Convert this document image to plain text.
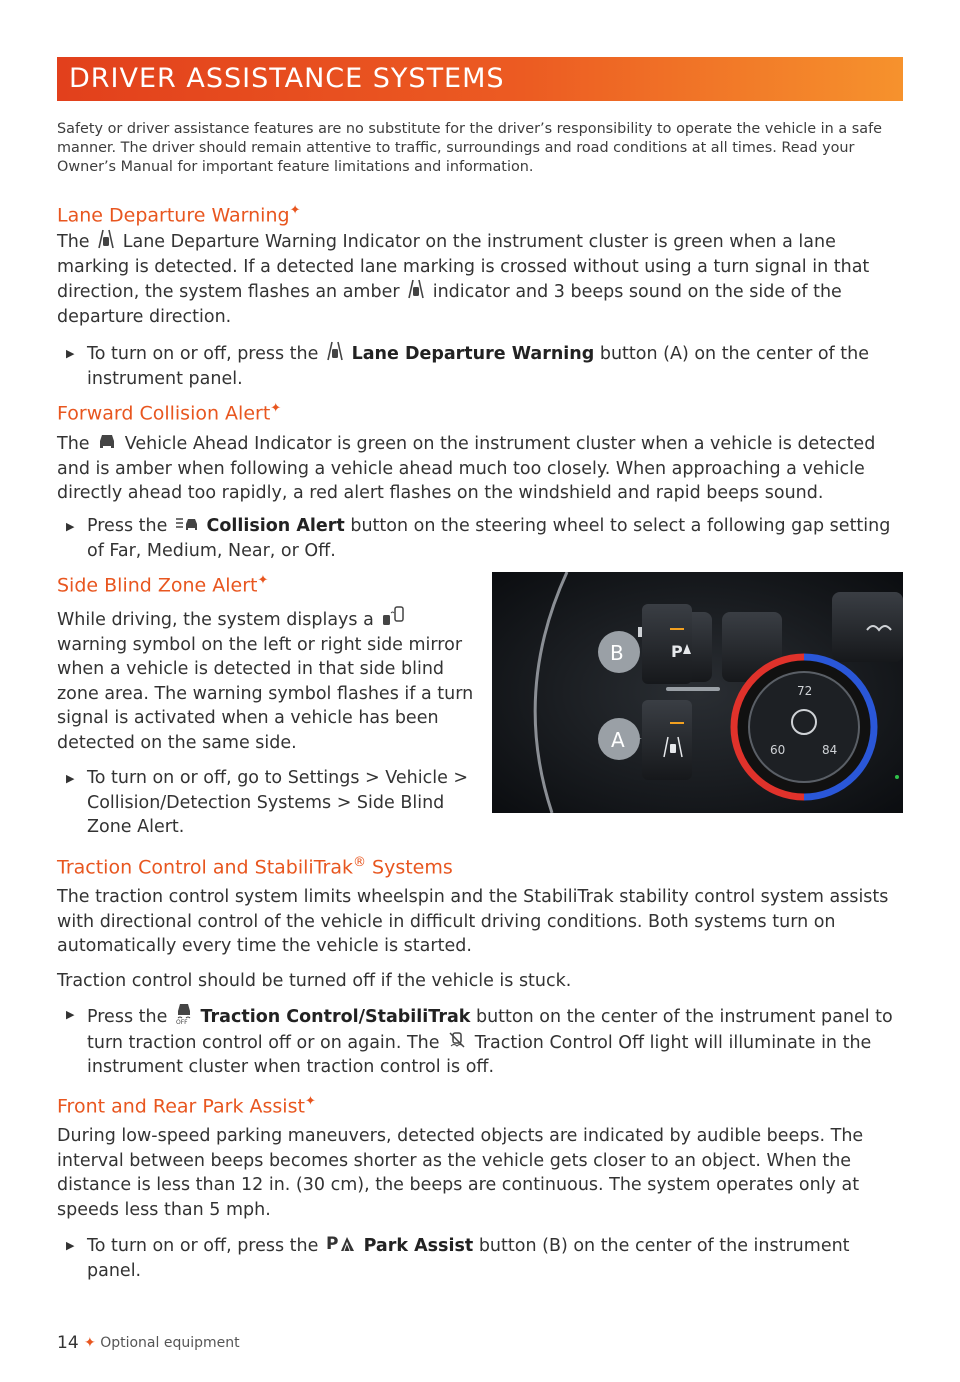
DRIVER ASSISTANCE SYSTEMS
Safety or driver assistance features are no substitute for the driver’s responsibility to operate the vehicle in a safe manner. The driver should remain attentive to traffic, surroundings and road conditions at all times. Read your Owner’s Manual for important feature limitations and information.
Lane Departure Warning✦
The Lane Departure Warning Indicator on the instrument cluster is green when a lane marking is detected. If a detected lane marking is crossed without using a turn signal in that direction, the system flashes an amber indicator and 3 beeps sound on the side of the departure direction.
▶ To turn on or off, press the Lane Departure Warning button (A) on the center of the instrument panel.
Forward Collision Alert✦
The Vehicle Ahead Indicator is green on the instrument cluster when a vehicle is detected and is amber when following a vehicle ahead much too closely. When approaching a vehicle directly ahead too rapidly, a red alert flashes on the windshield and rapid beeps sound.
▶ Press the Collision Alert button on the steering wheel to select a following gap setting of Far, Medium, Near, or Off.
Side Blind Zone Alert✦
While driving, the system displays a  warning symbol on the left or right side mirror when a vehicle is detected in that side blind zone area. The warning symbol flashes if a turn signal is activated when a vehicle has been detected on the same side.
▶ To turn on or off, go to Settings > Vehicle > Collision/Detection Systems > Side Blind Zone Alert.
P
72
60	84
B
A
Traction Control and StabiliTrak® Systems
The traction control system limits wheelspin and the StabiliTrak stability control system assists with directional control of the vehicle in difficult driving conditions. Both systems turn on automatically every time the vehicle is started.
Traction control should be turned off if the vehicle is stuck.
▶ Press the OFF Traction Control/StabiliTrak button on the center of the instrument panel to turn traction control off or on again. The Traction Control Off light will illuminate in the instrument cluster when traction control is off.
Front and Rear Park Assist✦
During low-speed parking maneuvers, detected objects are indicated by audible beeps. The interval between beeps becomes shorter as the vehicle gets closer to an object. When the distance is less than 12 in. (30 cm), the beeps are continuous. The system operates only at speeds less than 5 mph.
▶ To turn on or off, press the P Park Assist button (B) on the center of the instrument panel.
14 ✦ Optional equipment
